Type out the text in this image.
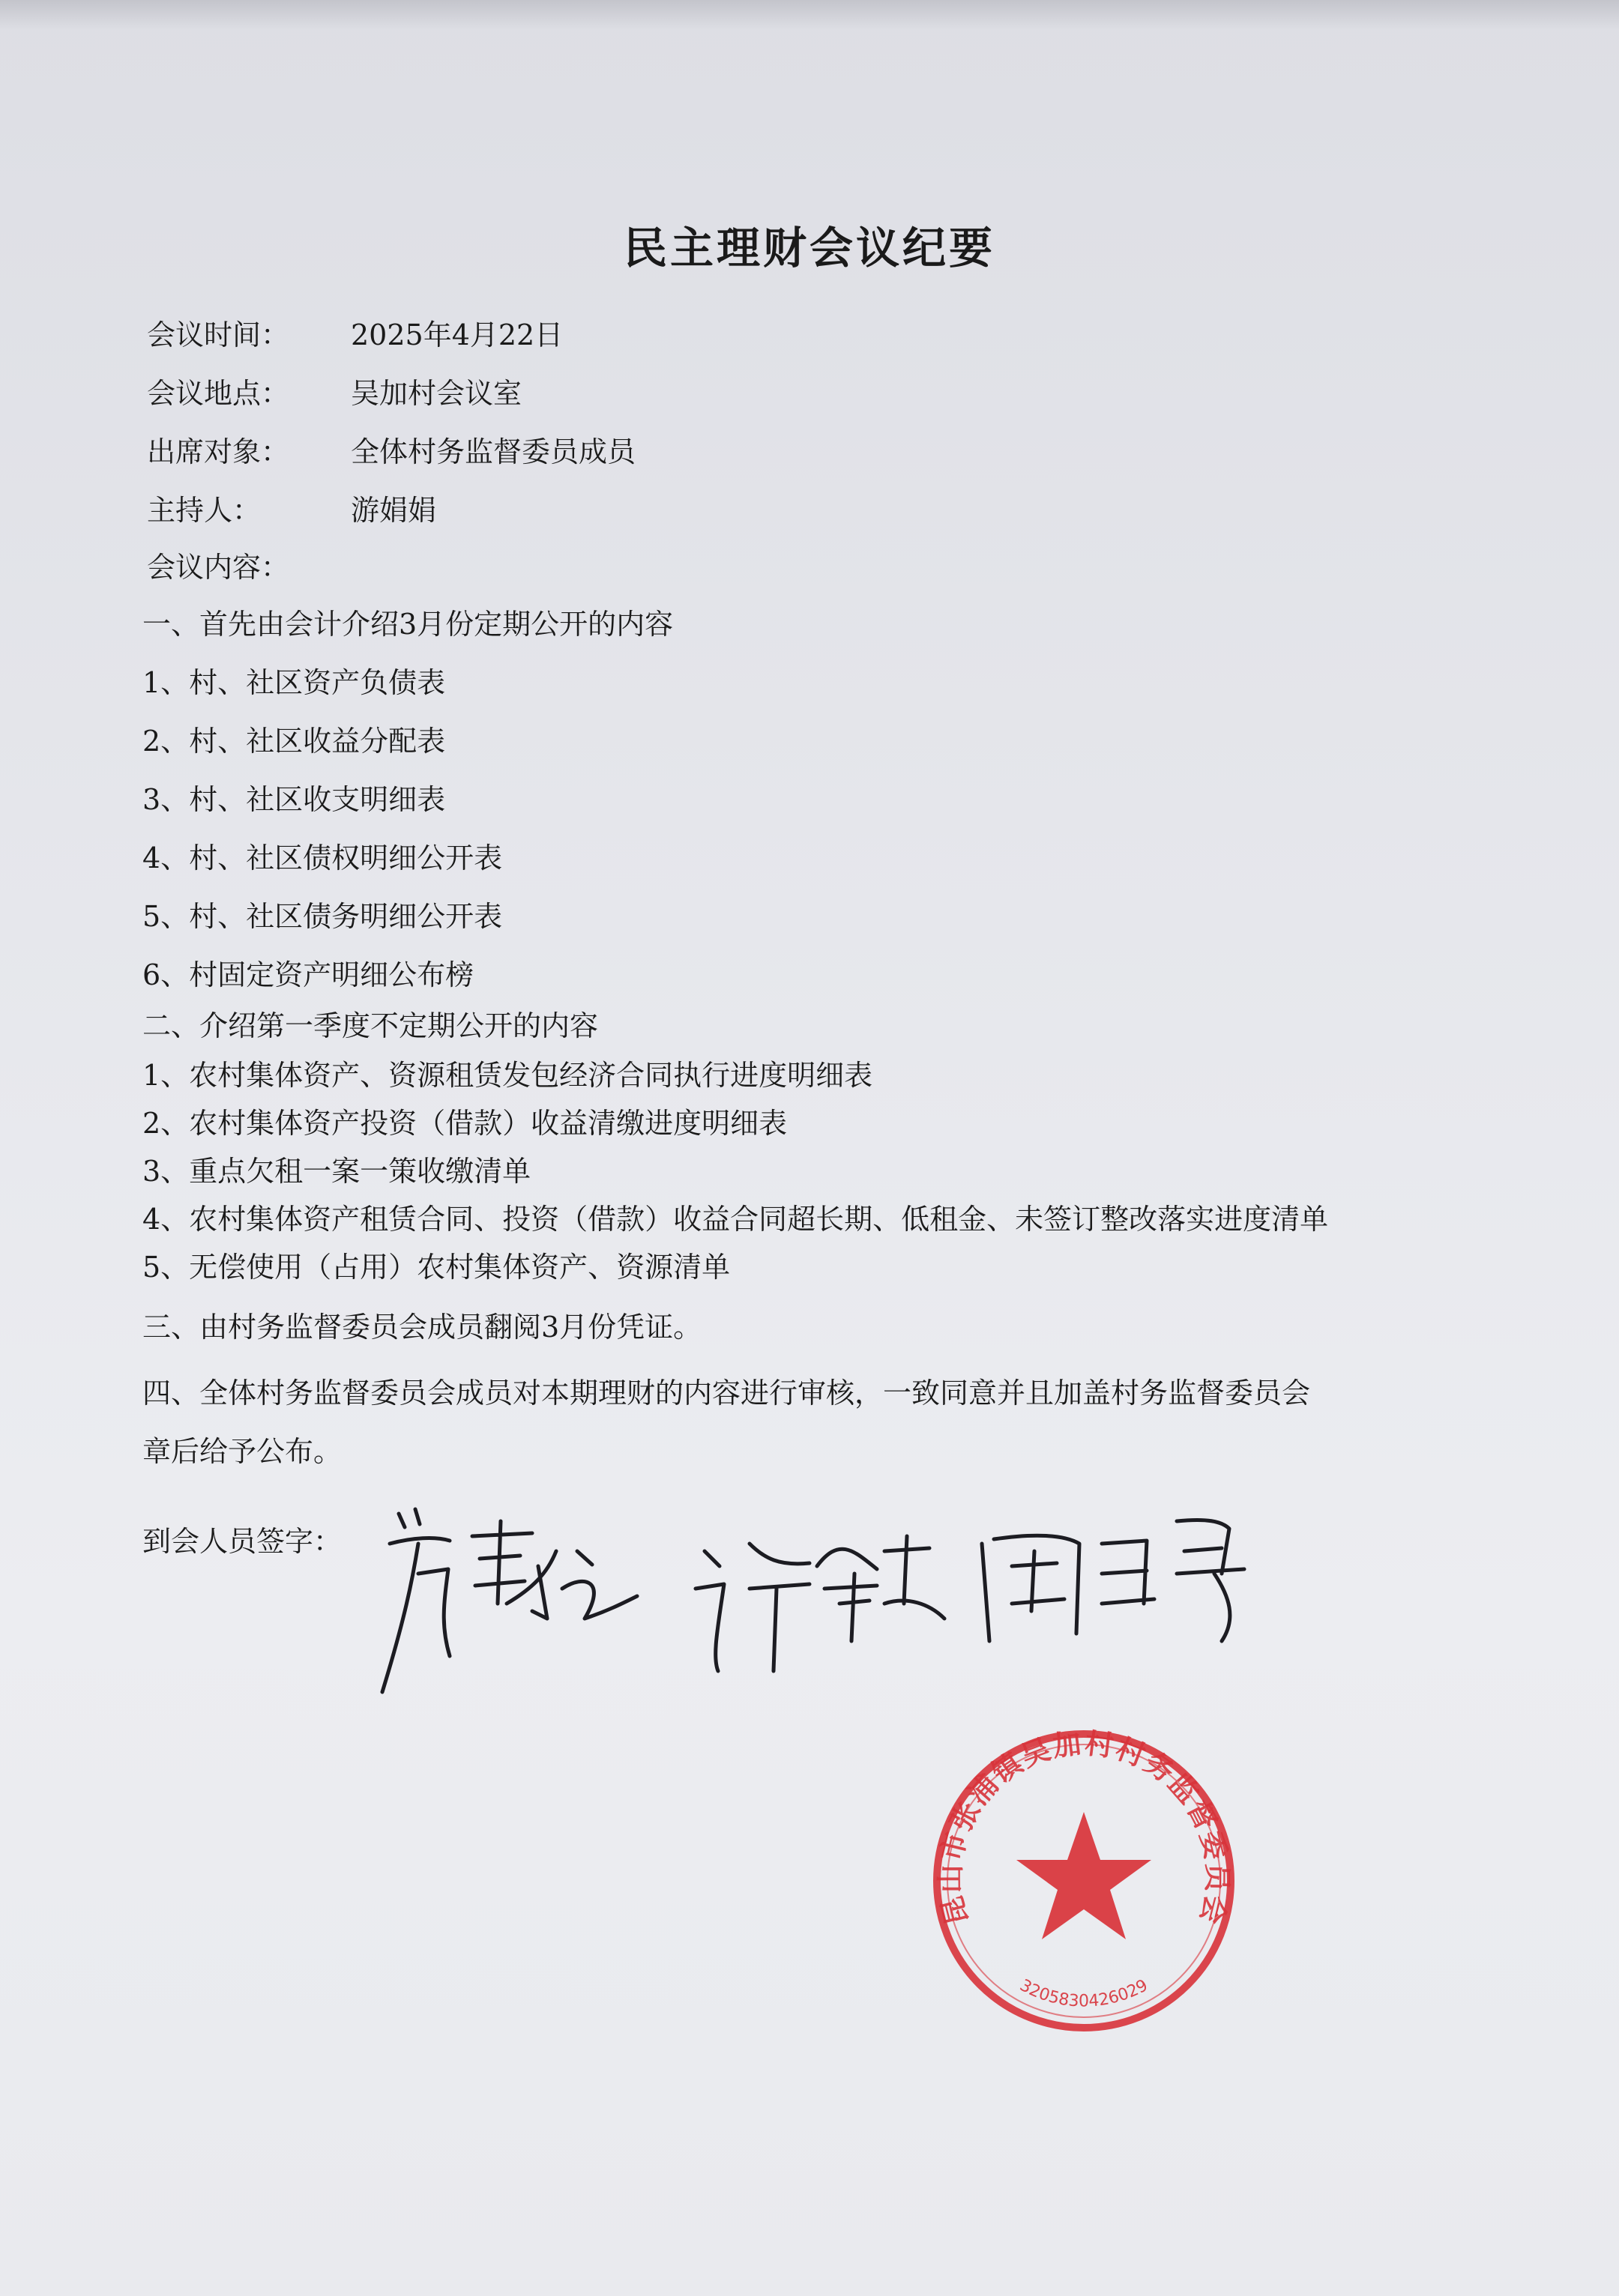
民主理财会议纪要
会议时间： 2025年4月22日
会议地点： 吴加村会议室
出席对象： 全体村务监督委员成员
主持人：	游娟娟
会议内容：
一、首先由会计介绍3月份定期公开的内容
1、村、社区资产负债表
2、村、社区收益分配表
3、村、社区收支明细表
4、村、社区债权明细公开表
5、村、社区债务明细公开表
6、村固定资产明细公布榜
二、介绍第一季度不定期公开的内容
1、农村集体资产、资源租赁发包经济合同执行进度明细表
2、农村集体资产投资（借款）收益清缴进度明细表
3、重点欠租一案一策收缴清单
4、农村集体资产租赁合同、投资（借款）收益合同超长期、低租金、未签订整改落实进度清单
5、无偿使用（占用）农村集体资产、资源清单
三、由村务监督委员会成员翻阅3月份凭证。
四、全体村务监督委员会成员对本期理财的内容进行审核，一致同意并且加盖村务监督委员会
章后给予公布。
到会人员签字：
昆山市张浦镇吴加村村务监督委员会
3205830426029
